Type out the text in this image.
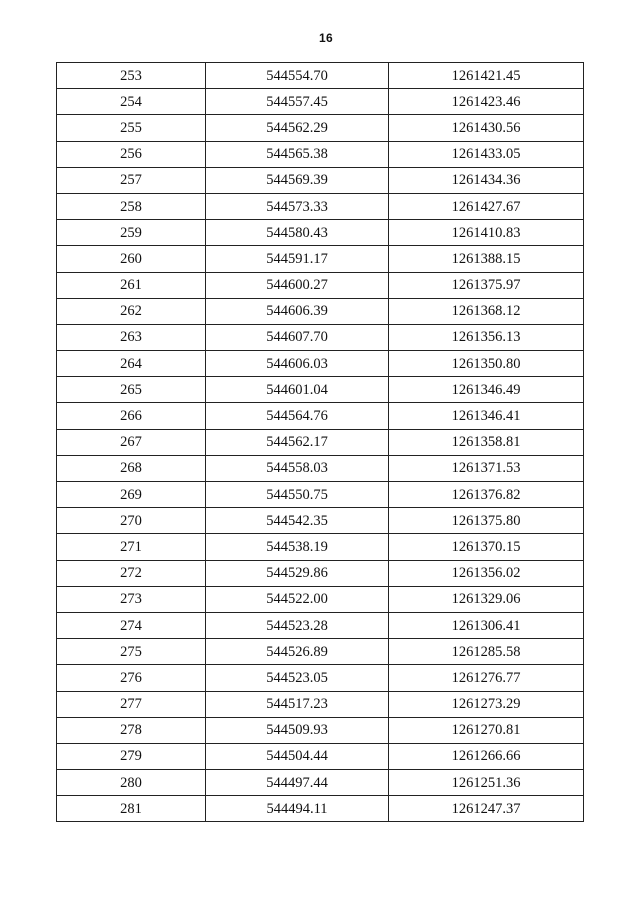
16
253	544554.70	1261421.45
254	544557.45	1261423.46
255	544562.29	1261430.56
256	544565.38	1261433.05
257	544569.39	1261434.36
258	544573.33	1261427.67
259	544580.43	1261410.83
260	544591.17	1261388.15
261	544600.27	1261375.97
262	544606.39	1261368.12
263	544607.70	1261356.13
264	544606.03	1261350.80
265	544601.04	1261346.49
266	544564.76	1261346.41
267	544562.17	1261358.81
268	544558.03	1261371.53
269	544550.75	1261376.82
270	544542.35	1261375.80
271	544538.19	1261370.15
272	544529.86	1261356.02
273	544522.00	1261329.06
274	544523.28	1261306.41
275	544526.89	1261285.58
276	544523.05	1261276.77
277	544517.23	1261273.29
278	544509.93	1261270.81
279	544504.44	1261266.66
280	544497.44	1261251.36
281	544494.11	1261247.37
